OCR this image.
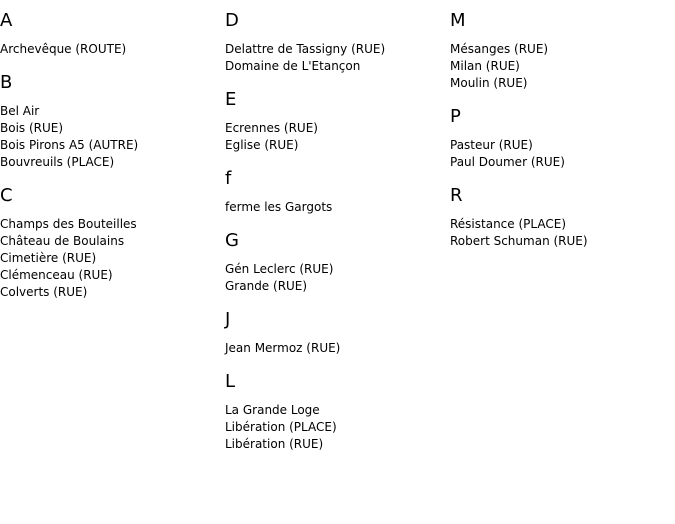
A
Archevêque (ROUTE)
B
Bel Air
Bois (RUE)
Bois Pirons A5 (AUTRE)
Bouvreuils (PLACE)
C
Champs des Bouteilles
Château de Boulains
Cimetière (RUE)
Clémenceau (RUE)
Colverts (RUE)
D
Delattre de Tassigny (RUE)
Domaine de L'Etançon
E
Ecrennes (RUE)
Eglise (RUE)
f
ferme les Gargots
G
Gén Leclerc (RUE)
Grande (RUE)
J
Jean Mermoz (RUE)
L
La Grande Loge
Libération (PLACE)
Libération (RUE)
M
Mésanges (RUE)
Milan (RUE)
Moulin (RUE)
P
Pasteur (RUE)
Paul Doumer (RUE)
R
Résistance (PLACE)
Robert Schuman (RUE)
